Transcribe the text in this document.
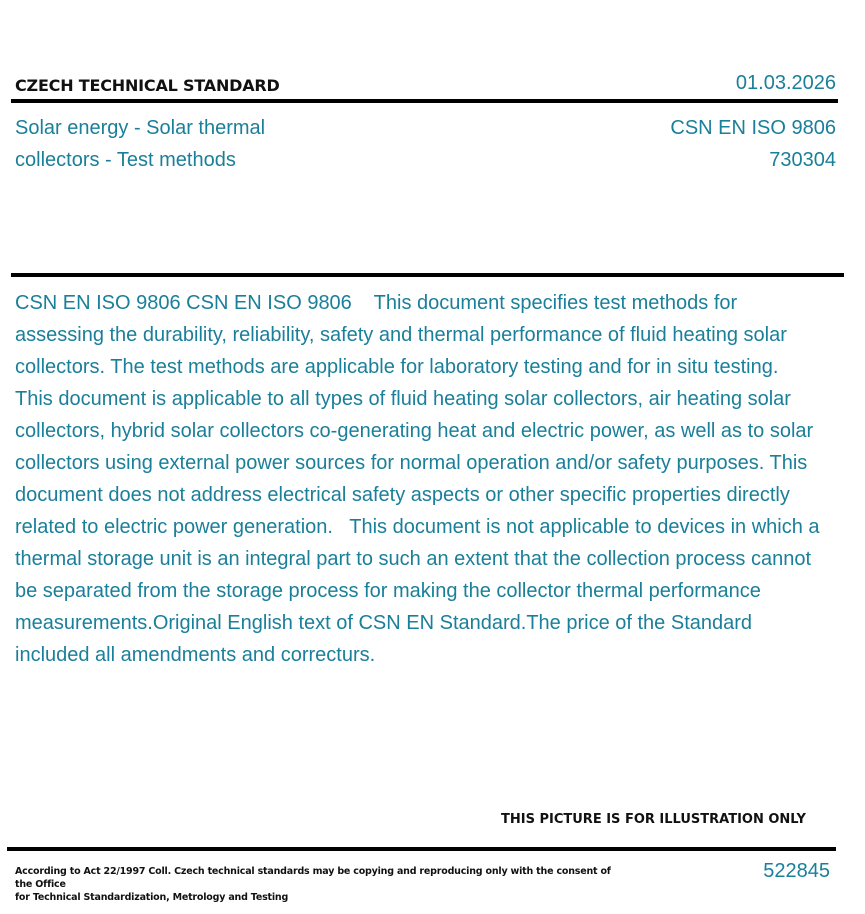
CZECH TECHNICAL STANDARD	01.03.2026
Solar energy - Solar thermal
collectors - Test methods
CSN EN ISO 9806
730304
CSN EN ISO 9806 CSN EN ISO 9806    This document specifies test methods for assessing the durability, reliability, safety and thermal performance of fluid heating solar collectors. The test methods are applicable for laboratory testing and for in situ testing.   This document is applicable to all types of fluid heating solar collectors, air heating solar collectors, hybrid solar collectors co-generating heat and electric power, as well as to solar collectors using external power sources for normal operation and/or safety purposes. This document does not address electrical safety aspects or other specific properties directly related to electric power generation.   This document is not applicable to devices in which a thermal storage unit is an integral part to such an extent that the collection process cannot be separated from the storage process for making the collector thermal performance measurements.Original English text of CSN EN Standard.The price of the Standard included all amendments and correcturs.
THIS PICTURE IS FOR ILLUSTRATION ONLY
According to Act 22/1997 Coll. Czech technical standards may be copying and reproducing only with the consent of the Office
for Technical Standardization, Metrology and Testing
522845
